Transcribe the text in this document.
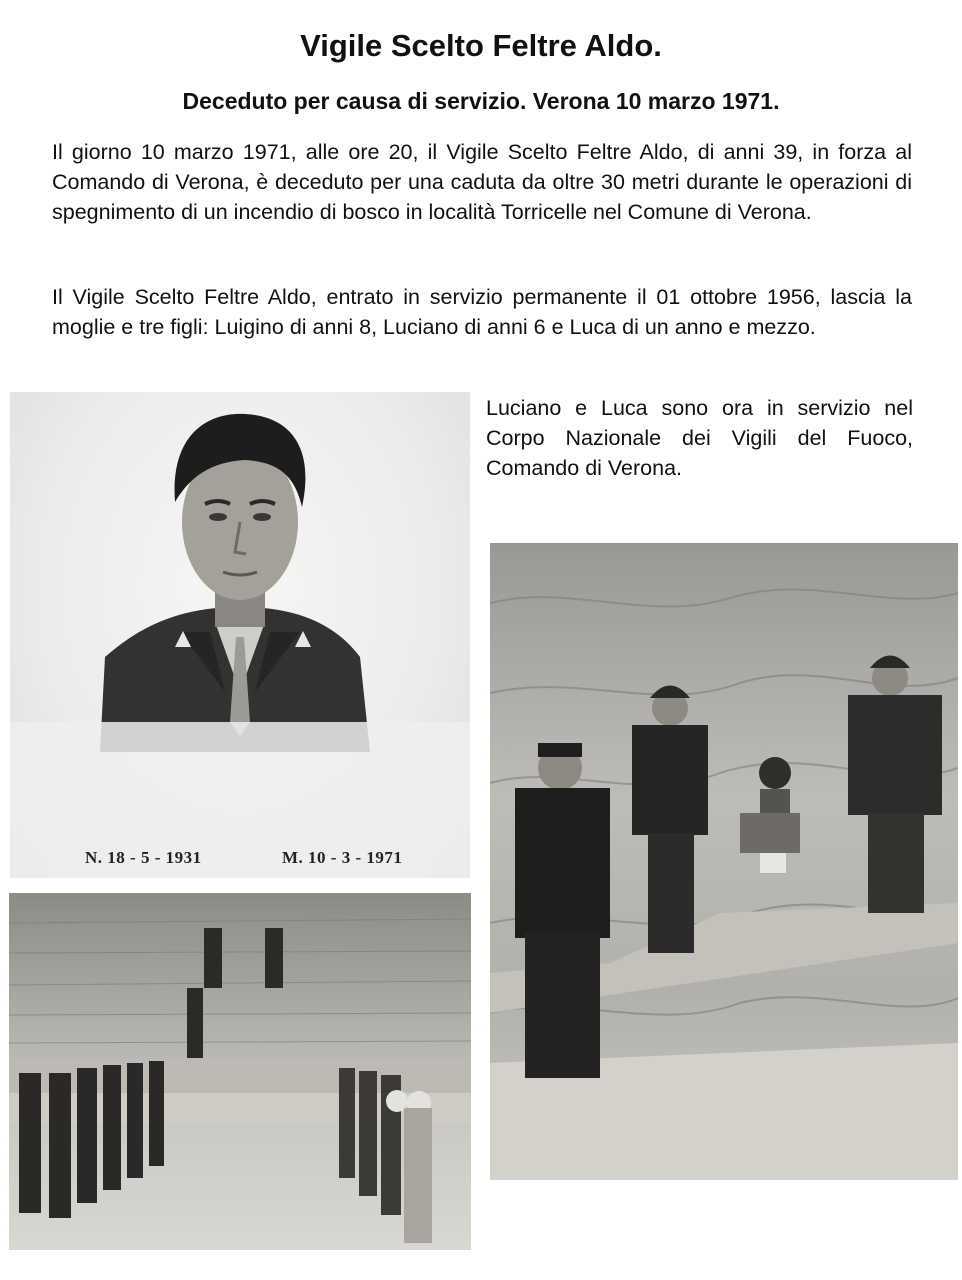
Vigile Scelto Feltre Aldo.
Deceduto per causa di servizio. Verona 10 marzo 1971.
Il giorno 10 marzo 1971, alle ore 20, il Vigile Scelto Feltre Aldo, di anni 39, in forza al Comando di Verona, è deceduto per una caduta da oltre 30 metri durante le operazioni di spegnimento di un incendio di bosco in località Torricelle nel Comune di Verona.
Il Vigile Scelto Feltre Aldo, entrato in servizio permanente il 01 ottobre 1956, lascia la moglie e tre figli: Luigino di anni 8, Luciano di anni 6 e Luca di un anno e mezzo.
N. 18 - 5 - 1931	M. 10 - 3 - 1971
Luciano e Luca sono ora in servizio nel Corpo Nazionale dei Vigili del Fuoco, Comando di Verona.
